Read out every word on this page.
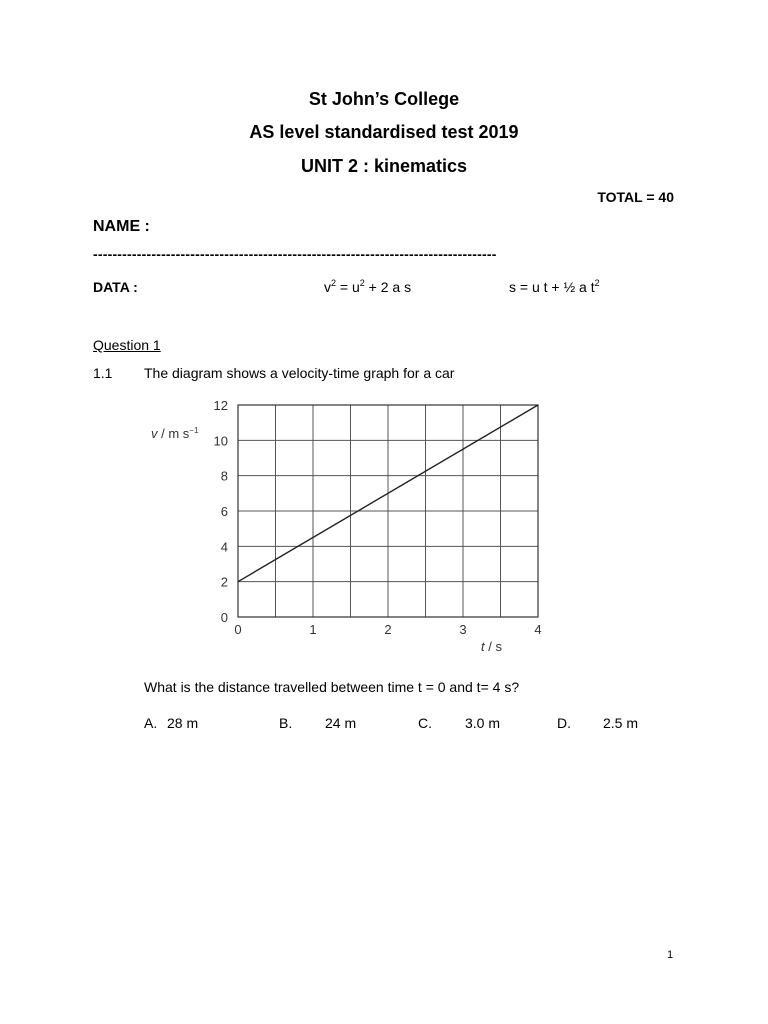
St John’s College
AS level standardised test 2019
UNIT 2 : kinematics
TOTAL = 40
NAME :
-----------------------------------------------------------------------------------
DATA :	$v^2 = u^2 + 2$ a s	s = u t + ½ a $t^2$
Question 1
1.1 The diagram shows a velocity-time graph for a car
0	1	2	3	4
0
2
4
6
8
10
12
v / m $s^{-1}$
t / s
What is the distance travelled between time t = 0 and t= 4 s?
A. 28 m	B. 24 m	C. 3.0 m	D. 2.5 m
1
